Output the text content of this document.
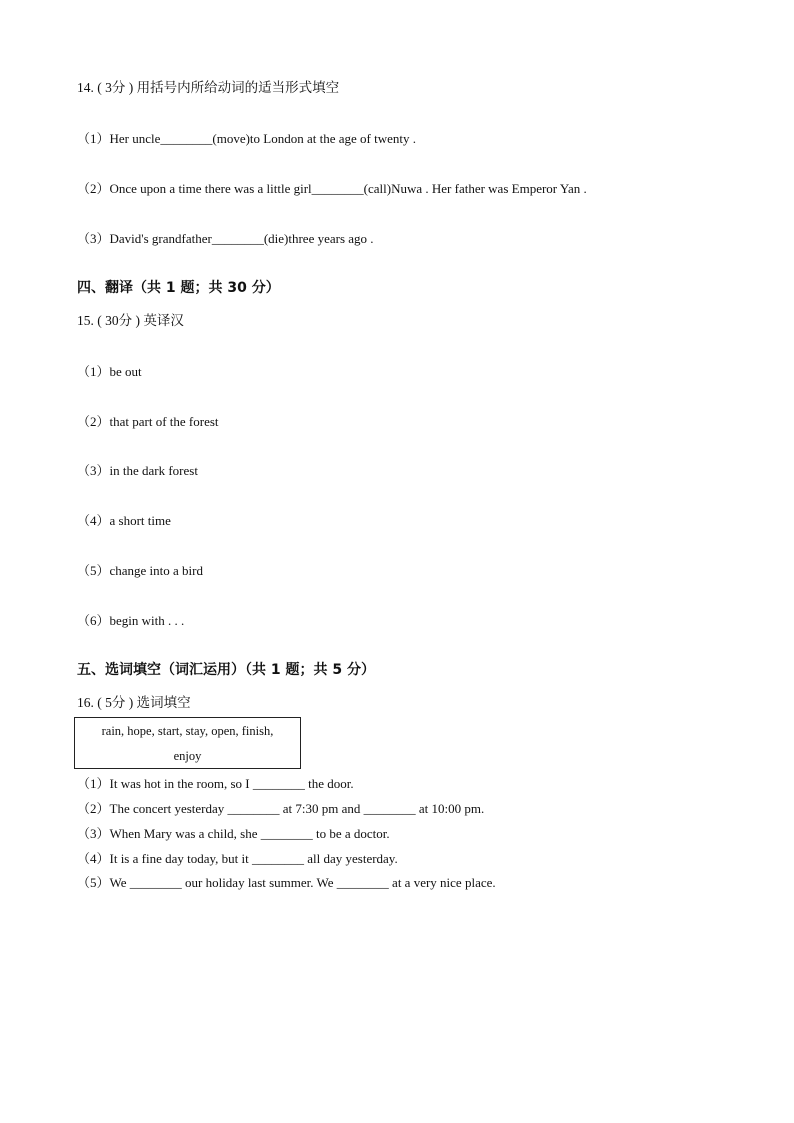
14. ( 3分 ) 用括号内所给动词的适当形式填空
（1）Her uncle________(move)to London at the age of twenty .
（2）Once upon a time there was a little girl________(call)Nuwa . Her father was Emperor Yan .
（3）David's grandfather________(die)three years ago .
四、翻译（共 1 题；共 30 分）
15. ( 30分 ) 英译汉
（1）be out
（2）that part of the forest
（3）in the dark forest
（4）a short time
（5）change into a bird
（6）begin with . . .
五、选词填空（词汇运用）（共 1 题；共 5 分）
16. ( 5分 ) 选词填空
rain, hope, start, stay, open, finish,
enjoy
（1）It was hot in the room, so I ________ the door.
（2）The concert yesterday ________ at 7:30 pm and ________ at 10:00 pm.
（3）When Mary was a child, she ________ to be a doctor.
（4）It is a fine day today, but it ________ all day yesterday.
（5）We ________ our holiday last summer. We ________ at a very nice place.
